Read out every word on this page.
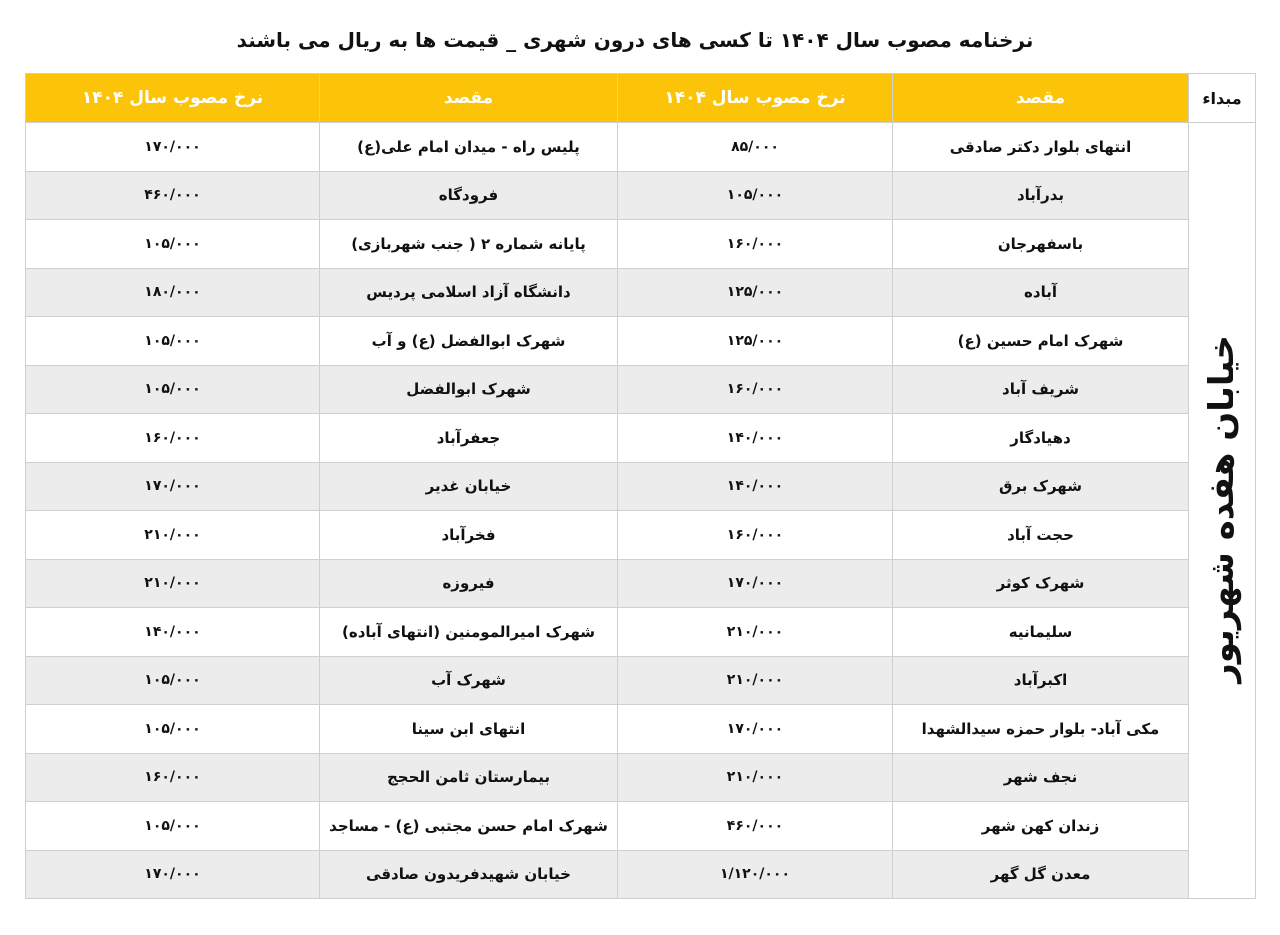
نرخنامه مصوب سال ۱۴۰۴ تا کسی های درون شهری _ قیمت ها به ریال می باشند
مبداء	مقصد	نرخ مصوب سال ۱۴۰۴	مقصد	نرخ مصوب سال ۱۴۰۴
خیابان هفده شهریور	انتهای بلوار دکتر صادقی	۸۵/۰۰۰	پلیس راه - میدان امام علی(ع)	۱۷۰/۰۰۰
	بدرآباد	۱۰۵/۰۰۰	فرودگاه	۴۶۰/۰۰۰
	باسفهرجان	۱۶۰/۰۰۰	پایانه شماره ۲ ( جنب شهربازی)	۱۰۵/۰۰۰
	آباده	۱۲۵/۰۰۰	دانشگاه آزاد اسلامی پردیس	۱۸۰/۰۰۰
	شهرک امام حسین (ع)	۱۲۵/۰۰۰	شهرک ابوالفضل (ع) و آب	۱۰۵/۰۰۰
	شریف آباد	۱۶۰/۰۰۰	شهرک ابوالفضل	۱۰۵/۰۰۰
	دهیادگار	۱۴۰/۰۰۰	جعفرآباد	۱۶۰/۰۰۰
	شهرک برق	۱۴۰/۰۰۰	خیابان غدیر	۱۷۰/۰۰۰
	حجت آباد	۱۶۰/۰۰۰	فخرآباد	۲۱۰/۰۰۰
	شهرک کوثر	۱۷۰/۰۰۰	فیروزه	۲۱۰/۰۰۰
	سلیمانیه	۲۱۰/۰۰۰	شهرک امیرالمومنین (انتهای آباده)	۱۴۰/۰۰۰
	اکبرآباد	۲۱۰/۰۰۰	شهرک آب	۱۰۵/۰۰۰
	مکی آباد- بلوار حمزه سیدالشهدا	۱۷۰/۰۰۰	انتهای ابن سینا	۱۰۵/۰۰۰
	نجف شهر	۲۱۰/۰۰۰	بیمارستان ثامن الحجج	۱۶۰/۰۰۰
	زندان کهن شهر	۴۶۰/۰۰۰	شهرک امام حسن مجتبی (ع) - مساجد	۱۰۵/۰۰۰
	معدن گل گهر	۱/۱۲۰/۰۰۰	خیابان شهیدفریدون صادقی	۱۷۰/۰۰۰
